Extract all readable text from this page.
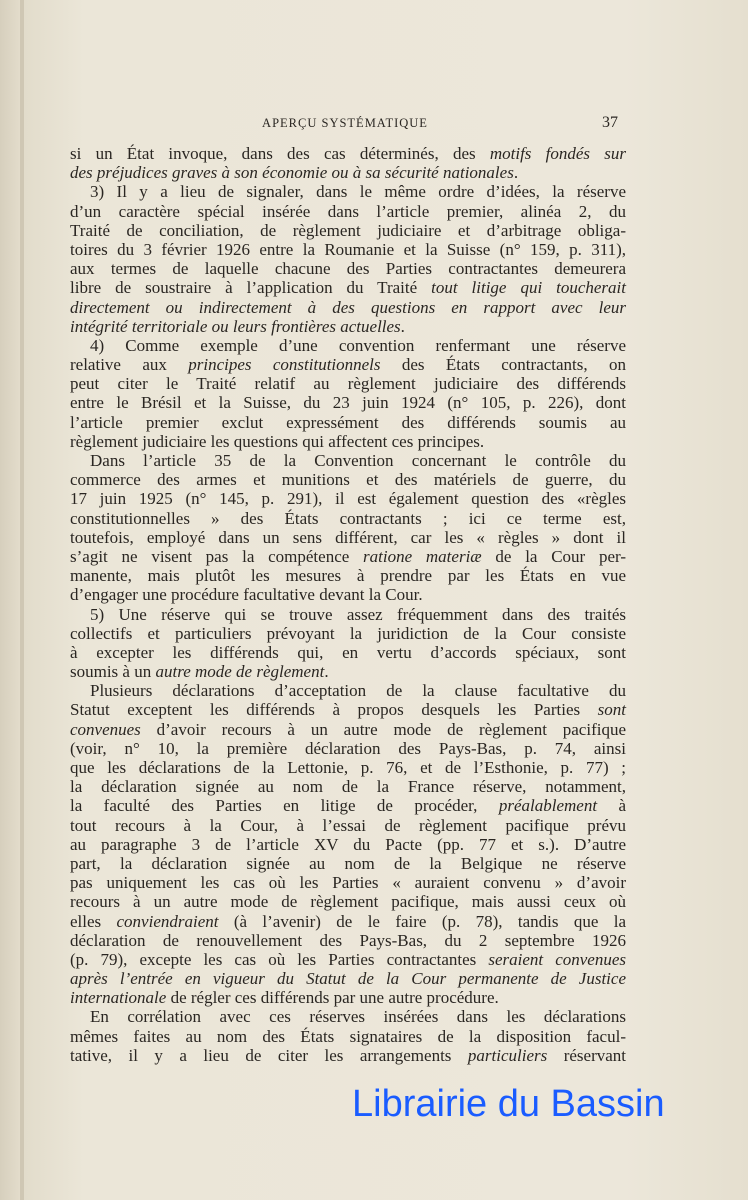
APERÇU SYSTÉMATIQUE	37
si un État invoque, dans des cas déterminés, des motifs fondés sur
des préjudices graves à son économie ou à sa sécurité nationales.
3) Il y a lieu de signaler, dans le même ordre d’idées, la réserve
d’un caractère spécial insérée dans l’article premier, alinéa 2, du
Traité de conciliation, de règlement judiciaire et d’arbitrage obliga-
toires du 3 février 1926 entre la Roumanie et la Suisse (n° 159, p. 311),
aux termes de laquelle chacune des Parties contractantes demeurera
libre de soustraire à l’application du Traité tout litige qui toucherait
directement ou indirectement à des questions en rapport avec leur
intégrité territoriale ou leurs frontières actuelles.
4) Comme exemple d’une convention renfermant une réserve
relative aux principes constitutionnels des États contractants, on
peut citer le Traité relatif au règlement judiciaire des différends
entre le Brésil et la Suisse, du 23 juin 1924 (n° 105, p. 226), dont
l’article premier exclut expressément des différends soumis au
règlement judiciaire les questions qui affectent ces principes.
Dans l’article 35 de la Convention concernant le contrôle du
commerce des armes et munitions et des matériels de guerre, du
17 juin 1925 (n° 145, p. 291), il est également question des «règles
constitutionnelles » des États contractants ; ici ce terme est,
toutefois, employé dans un sens différent, car les « règles » dont il
s’agit ne visent pas la compétence ratione materiæ de la Cour per-
manente, mais plutôt les mesures à prendre par les États en vue
d’engager une procédure facultative devant la Cour.
5) Une réserve qui se trouve assez fréquemment dans des traités
collectifs et particuliers prévoyant la juridiction de la Cour consiste
à excepter les différends qui, en vertu d’accords spéciaux, sont
soumis à un autre mode de règlement.
Plusieurs déclarations d’acceptation de la clause facultative du
Statut exceptent les différends à propos desquels les Parties sont
convenues d’avoir recours à un autre mode de règlement pacifique
(voir, n° 10, la première déclaration des Pays-Bas, p. 74, ainsi
que les déclarations de la Lettonie, p. 76, et de l’Esthonie, p. 77) ;
la déclaration signée au nom de la France réserve, notamment,
la faculté des Parties en litige de procéder, préalablement à
tout recours à la Cour, à l’essai de règlement pacifique prévu
au paragraphe 3 de l’article XV du Pacte (pp. 77 et s.). D’autre
part, la déclaration signée au nom de la Belgique ne réserve
pas uniquement les cas où les Parties « auraient convenu » d’avoir
recours à un autre mode de règlement pacifique, mais aussi ceux où
elles conviendraient (à l’avenir) de le faire (p. 78), tandis que la
déclaration de renouvellement des Pays-Bas, du 2 septembre 1926
(p. 79), excepte les cas où les Parties contractantes seraient convenues
après l’entrée en vigueur du Statut de la Cour permanente de Justice
internationale de régler ces différends par une autre procédure.
En corrélation avec ces réserves insérées dans les déclarations
mêmes faites au nom des États signataires de la disposition facul-
tative, il y a lieu de citer les arrangements particuliers réservant
Librairie du Bassin
